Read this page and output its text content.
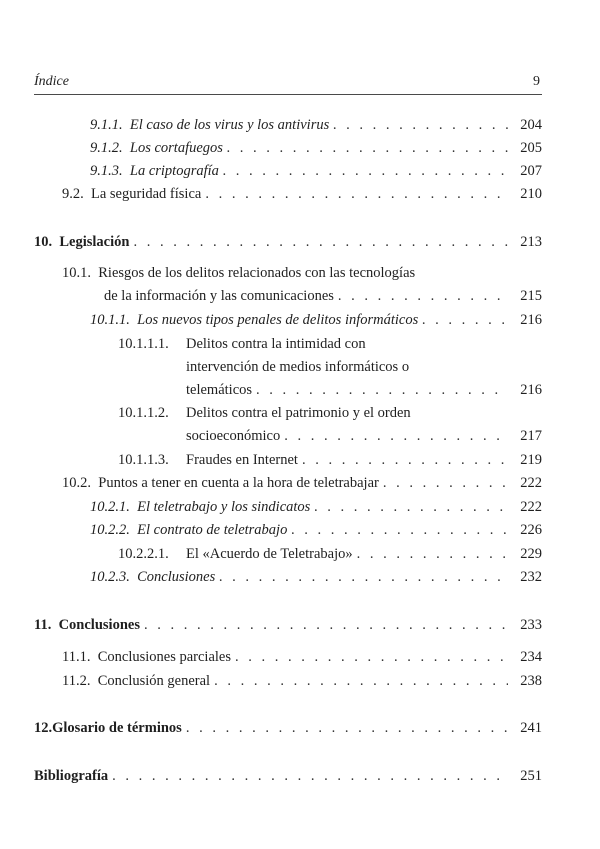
Índice	9
9.1.1. El caso de los virus y los antivirus . . .	204
9.1.2. Los cortafuegos . . .	205
9.1.3. La criptografía . . .	207
9.2. La seguridad física . . .	210
10. Legislación . . .	213
10.1. Riesgos de los delitos relacionados con las tecnologías
de la información y las comunicaciones . . .	215
10.1.1. Los nuevos tipos penales de delitos informáticos . . .	216
10.1.1.1. Delitos contra la intimidad con
intervención de medios informáticos o
telemáticos . . .	216
10.1.1.2. Delitos contra el patrimonio y el orden
socioeconómico . . .	217
10.1.1.3. Fraudes en Internet . . .	219
10.2. Puntos a tener en cuenta a la hora de teletrabajar . . .	222
10.2.1. El teletrabajo y los sindicatos . . .	222
10.2.2. El contrato de teletrabajo . . .	226
10.2.2.1. El «Acuerdo de Teletrabajo» . . .	229
10.2.3. Conclusiones . . .	232
11. Conclusiones . . .	233
11.1. Conclusiones parciales . . .	234
11.2. Conclusión general . . .	238
12.Glosario de términos . . .	241
Bibliografía . . .	251
